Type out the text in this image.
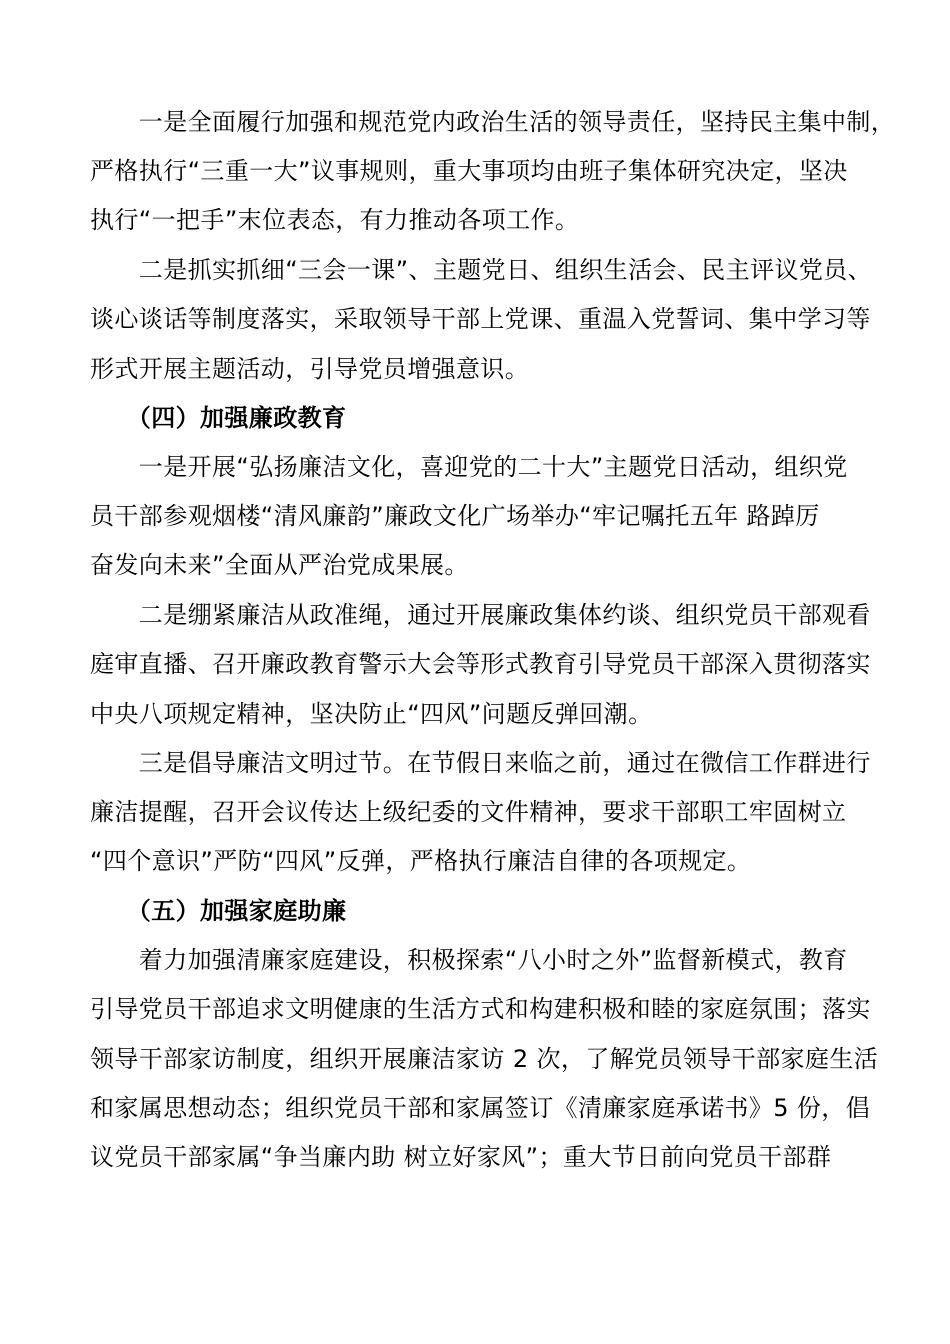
　　一是全面履行加强和规范党内政治生活的领导责任，坚持民主集中制，
严格执行“三重一大”议事规则，重大事项均由班子集体研究决定，坚决
执行“一把手”末位表态，有力推动各项工作。
　　二是抓实抓细“三会一课”、主题党日、组织生活会、民主评议党员、
谈心谈话等制度落实，采取领导干部上党课、重温入党誓词、集中学习等
形式开展主题活动，引导党员增强意识。
　　（四）加强廉政教育
　　一是开展“弘扬廉洁文化，喜迎党的二十大”主题党日活动，组织党
员干部参观烟楼“清风廉韵”廉政文化广场举办“牢记嘱托五年 路踔厉
奋发向未来”全面从严治党成果展。
　　二是绷紧廉洁从政准绳，通过开展廉政集体约谈、组织党员干部观看
庭审直播、召开廉政教育警示大会等形式教育引导党员干部深入贯彻落实
中央八项规定精神，坚决防止“四风”问题反弹回潮。
　　三是倡导廉洁文明过节。在节假日来临之前，通过在微信工作群进行
廉洁提醒，召开会议传达上级纪委的文件精神，要求干部职工牢固树立
“四个意识”严防“四风”反弹，严格执行廉洁自律的各项规定。
　　（五）加强家庭助廉
　　着力加强清廉家庭建设，积极探索“八小时之外”监督新模式，教育
引导党员干部追求文明健康的生活方式和构建积极和睦的家庭氛围；落实
领导干部家访制度，组织开展廉洁家访 2 次，了解党员领导干部家庭生活
和家属思想动态；组织党员干部和家属签订《清廉家庭承诺书》5 份，倡
议党员干部家属“争当廉内助 树立好家风”；重大节日前向党员干部群
